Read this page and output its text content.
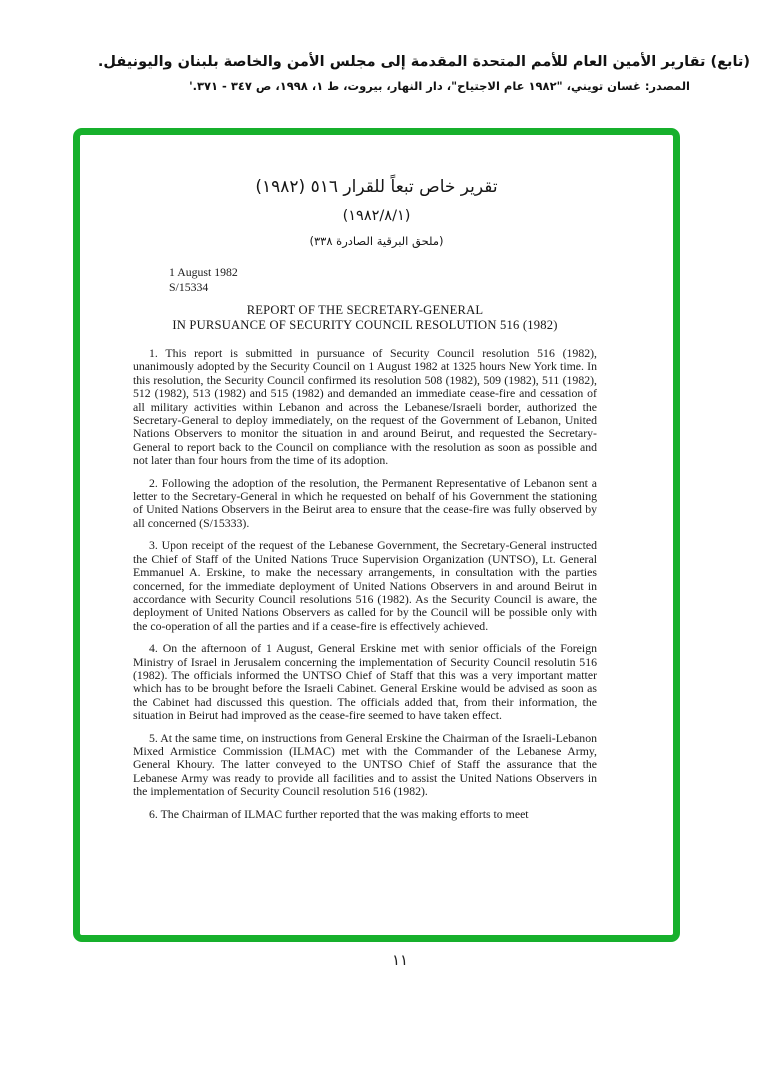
(تابع) تقارير الأمين العام للأمم المتحدة المقدمة إلى مجلس الأمن والخاصة بلبنان واليونيفل.
المصدر: غسان تويني، "١٩٨٢ عام الاجتياح"، دار النهار، بيروت، ط ١، ١٩٩٨، ص ٣٤٧ - ٣٧١.'
تقرير خاص تبعاً للقرار ٥١٦ (١٩٨٢)
(١٩٨٢/٨/١)
(ملحق البرقية الصادرة ٣٣٨)
1 August 1982
S/15334
REPORT OF THE SECRETARY-GENERAL
IN PURSUANCE OF SECURITY COUNCIL RESOLUTION 516 (1982)

1. This report is submitted in pursuance of Security Council resolution 516 (1982), unanimously adopted by the Security Council on 1 August 1982 at 1325 hours New York time. In this resolution, the Security Council confirmed its resolution 508 (1982), 509 (1982), 511 (1982), 512 (1982), 513 (1982) and 515 (1982) and demanded an immediate cease-fire and cessation of all military activities within Lebanon and across the Lebanese/Israeli border, authorized the Secretary-General to deploy immediately, on the request of the Government of Lebanon, United Nations Observers to monitor the situation in and around Beirut, and requested the Secretary-General to report back to the Council on compliance with the resolution as soon as possible and not later than four hours from the time of its adoption.

2. Following the adoption of the resolution, the Permanent Representative of Lebanon sent a letter to the Secretary-General in which he requested on behalf of his Government the stationing of United Nations Observers in the Beirut area to ensure that the cease-fire was fully observed by all concerned (S/15333).

3. Upon receipt of the request of the Lebanese Government, the Secretary-General instructed the Chief of Staff of the United Nations Truce Supervision Organization (UNTSO), Lt. General Emmanuel A. Erskine, to make the necessary arrangements, in consultation with the parties concerned, for the immediate deployment of United Nations Observers in and around Beirut in accordance with Security Council resolutions 516 (1982). As the Security Council is aware, the deployment of United Nations Observers as called for by the Council will be possible only with the co-operation of all the parties and if a cease-fire is effectively achieved.

4. On the afternoon of 1 August, General Erskine met with senior officials of the Foreign Ministry of Israel in Jerusalem concerning the implementation of Security Council resolutin 516 (1982). The officials informed the UNTSO Chief of Staff that this was a very important matter which has to be brought before the Israeli Cabinet. General Erskine would be advised as soon as the Cabinet had discussed this question. The officials added that, from their information, the situation in Beirut had improved as the cease-fire seemed to have taken effect.

5. At the same time, on instructions from General Erskine the Chairman of the Israeli-Lebanon Mixed Armistice Commission (ILMAC) met with the Commander of the Lebanese Army, General Khoury. The latter conveyed to the UNTSO Chief of Staff the assurance that the Lebanese Army was ready to provide all facilities and to assist the United Nations Observers in the implementation of Security Council resolution 516 (1982).

6. The Chairman of ILMAC further reported that the was making efforts to meet

١١
